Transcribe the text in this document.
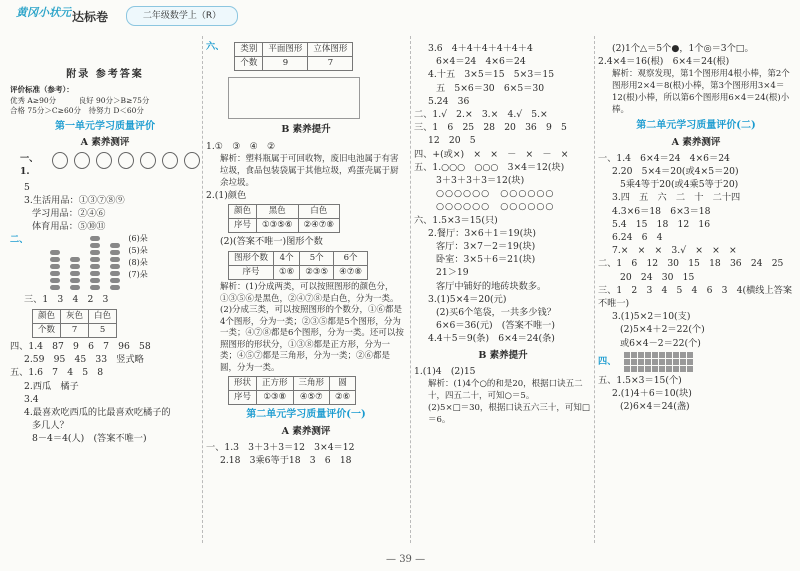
黄冈小状元 达标卷	二年级数学上（R）
附录 参考答案
评价标准（参考）：
优秀 A≥90分　　　良好 90分＞B≥75分
合格 75分＞C≥60分　待努力 D＜60分
第一单元学习质量评价
A 素养测评
一、1.
5
3.生活用品：①③⑦⑧⑨
学习用品：②④⑥
体育用品：⑤⑩⑪
二、	(6)朵
(5)朵
(8)朵
(7)朵
三、1　3　4　2　3
颜色	灰色	白色
个数	7	5
四、1.4　87　9　6　7　96　58
2.59　95　45　33　竖式略
五、1.6　7　4　5　8
2.西瓜　橘子
3.4
4.最喜欢吃西瓜的比最喜欢吃橘子的
多几人？
8－4＝4(人)　(答案不唯一)
六、 类别	平面图形	立体图形
个数	9	7
B 素养提升
1.①　③　④　②
解析：塑料瓶属于可回收物，废旧电池属于有害垃圾，食品包装袋属于其他垃圾，鸡蛋壳属于厨余垃圾。
2.(1)颜色
颜色	黑色	白色
序号	①③⑤⑥	②④⑦⑧
(2)(答案不唯一)图形个数
图形个数	4个	5个	6个
序号	①⑥	②③⑤	④⑦⑧
解析：(1)分成两类，可以按照图形的颜色分，①③⑤⑥是黑色，②④⑦⑧是白色，分为一类。
(2)分成三类，可以按照图形的个数分，①⑥都是4个图形，分为一类；②③⑤都是5个图形，分为一类；④⑦⑧都是6个图形，分为一类。还可以按照图形的形状分，①③⑧都是正方形，分为一类；④⑤⑦都是三角形，分为一类；②⑥都是圆，分为一类。
形状	正方形	三角形	圆
序号	①③⑧	④⑤⑦	②⑥
第二单元学习质量评价(一)
A 素养测评
一、1.3　3＋3＋3＝12　3×4＝12
2.18　3乘6等于18　3　6　18
3.6　4＋4＋4＋4＋4＋4
6×4＝24　4×6＝24
4.十五　3×5＝15　5×3＝15
五　5×6＝30　6×5＝30
5.24　36
二、1.√　2.×　3.×　4.√　5.×
三、1　6　25　28　20　36　9　5
12　20　5
四、+(或×)　×　×　－　×　－　×
五、1.○○○　○○○　3×4＝12(块)
3＋3＋3＋3＝12(块)
○○○○○○　○○○○○○
○○○○○○　○○○○○○
六、1.5×3＝15(只)
2.餐厅：3×6＋1＝19(块)
客厅：3×7－2＝19(块)
卧室：3×5＋6＝21(块)
21＞19
客厅中铺好的地砖块数多。
3.(1)5×4＝20(元)
(2)买6个笔袋，一共多少钱？
6×6＝36(元)　(答案不唯一)
4.4＋5＝9(条)　6×4＝24(条)
B 素养提升
1.(1)4　(2)15
解析：(1)4个○的和是20，根据口诀五二十，四五二十，可知○＝5。
(2)5×□＝30，根据口诀五六三十，可知□＝6。
(2)1个△＝5个●，1个◎＝3个□。
2.4×4＝16(根)　6×4＝24(根)
解析：观察发现，第1个图形用4根小棒，第2个图形用2×4＝8(根)小棒，第3个图形用3×4＝12(根)小棒，所以第6个图形用6×4＝24(根)小棒。
第二单元学习质量评价(二)
A 素养测评
一、1.4　6×4＝24　4×6＝24
2.20　5×4＝20(或4×5＝20)
5乘4等于20(或4乘5等于20)
3.四　五　六　二　十　二十四
4.3×6＝18　6×3＝18
5.4　15　18　12　16
6.24　6　4
7.×　×　×　3.√　×　×　×
二、1　6　12　30　15　18　36　24　25
20　24　30　15
三、1　2　3　4　5　4　6　3　4(横线上答案不唯一)
3.(1)5×2＝10(支)
(2)5×4＋2＝22(个)
或6×4－2＝22(个)
四、
五、1.5×3＝15(个)
2.(1)4＋6＝10(块)
(2)6×4＝24(盏)
— 39 —
